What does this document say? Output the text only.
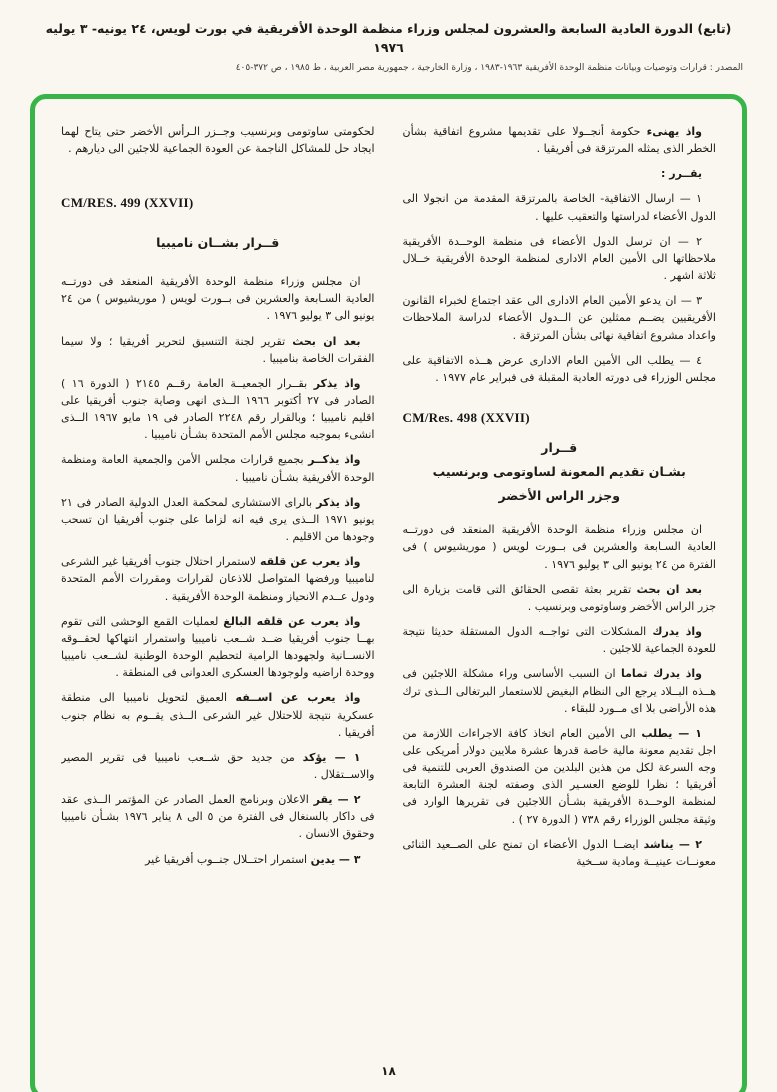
(تابع) الدورة العادية السابعة والعشرون لمجلس وزراء منظمة الوحدة الأفريقية في بورت لويس، ٢٤ يونيه- ٣ يوليه ١٩٧٦
المصدر : قرارات وتوصيات وبيانات منظمة الوحدة الأفريقية ١٩٦٣-١٩٨٣ ، وزارة الخارجية ، جمهورية مصر العربية ، ط ١٩٨٥ ، ص ٣٧٢-٤٠٥

واذ يهنىء حكومة أنجــولا على تقديمها مشروع اتفاقية بشأن الخطر الذى يمثله المرتزقة فى أفريقيا .

يقــرر :

١ — ارسال الاتفاقية- الخاصة بالمرتزقة المقدمة من انجولا الى الدول الأعضاء لدراستها والتعقيب عليها .

٢ — ان ترسل الدول الأعضاء فى منظمة الوحــدة الأفريقية ملاحظاتها الى الأمين العام الادارى لمنظمة الوحدة الأفريقية خــلال ثلاثة اشهر .

٣ — ان يدعو الأمين العام الادارى الى عقد اجتماع لخبراء القانون الأفريقيين يضــم ممثلين عن الــدول الأعضاء لدراسة الملاحظات واعداد مشروع اتفاقية نهائى بشأن المرتزقة .

٤ — يطلب الى الأمين العام الادارى عرض هــذه الاتفاقية على مجلس الوزراء فى دورته العادية المقبلة فى فبراير عام ١٩٧٧ .

CM/Res. 498 (XXVII)

قــرار
بشـان تقديم المعونة لساوتومى وبرنسيب
وجزر الراس الأخضر

ان مجلس وزراء منظمة الوحدة الأفريقية المنعقد فى دورتــه العادية السـابعة والعشرين فى بــورت لويس ( موريشيوس ) فى الفترة من ٢٤ يونيو الى ٣ يوليو ١٩٧٦ .

بعد ان بحث تقرير بعثة تقصى الحقائق التى قامت بزيارة الى جزر الراس الأخضر وساوتومى وبرنسيب .

واذ يدرك المشكلات التى تواجــه الدول المستقلة حديثا نتيجة للعودة الجماعية للاجئين .

واذ يدرك تماما ان السبب الأساسى وراء مشكلة اللاجئين فى هــذه البــلاد يرجع الى النظام البغيض للاستعمار البرتغالى الــذى ترك هذه الأراضى بلا اى مــورد للبقاء .

١ — يطلب الى الأمين العام اتخاذ كافة الاجراءات اللازمة من اجل تقديم معونة مالية خاصة قدرها عشرة ملايين دولار أمريكى على وجه السرعة لكل من هذين البلدين من الصندوق العربى للتنمية فى أفريقيا ؛ نظرا للوضع العسـير الذى وصفته لجنة العشرة التابعة لمنظمة الوحــدة الأفريقية بشـأن اللاجئين فى تقريرها الوارد فى وثيقة مجلس الوزراء رقم ٧٣٨ ( الدورة ٢٧ ) .

٢ — يناشد ايضــا الدول الأعضاء ان تمنح على الصــعيد الثنائى معونــات عينيــة ومادية ســخية

لحكومتى ساوتومى وبرنسيب وجــزر الـرأس الأخضر حتى يتاح لهما ايجاد حل للمشاكل الناجمة عن العودة الجماعية للاجئين الى ديارهم .

CM/RES. 499 (XXVII)

قــرار بشــان ناميبيا

ان مجلس وزراء منظمة الوحدة الأفريقية المنعقد فى دورتــه العادية السـابعة والعشرين فى بــورت لويس ( موريشيوس ) من ٢٤ يونيو الى ٣ يوليو ١٩٧٦ .

بعد ان بحث تقرير لجنة التنسيق لتحرير أفريقيا ؛ ولا سيما الفقرات الخاصة بناميبيا .

واذ يذكر بقــرار الجمعيــة العامة رقــم ٢١٤٥ ( الدورة ١٦ ) الصادر فى ٢٧ أكتوبر ١٩٦٦ الــذى انهى وصاية جنوب أفريقيا على اقليم ناميبيا ؛ وبالقرار رقم ٢٢٤٨ الصادر فى ١٩ مايو ١٩٦٧ الــذى انشىء بموجبه مجلس الأمم المتحدة بشـأن ناميبيا .

واذ يذكــر بجميع قرارات مجلس الأمن والجمعية العامة ومنظمة الوحدة الأفريقية بشـأن ناميبيا .

واذ يذكر بالراى الاستشارى لمحكمة العدل الدولية الصادر فى ٢١ يونيو ١٩٧١ الــذى يرى فيه انه لزاما على جنوب أفريقيا ان تسحب وجودها من الاقليم .

واذ يعرب عن قلقه لاستمرار احتلال جنوب أفريقيا غير الشرعى لناميبيا ورفضها المتواصل للاذعان لقرارات ومقررات الأمم المتحدة ودول عــدم الانحياز ومنظمة الوحدة الأفريقية .

واذ يعرب عن قلقه البالغ لعمليات القمع الوحشى التى تقوم بهــا جنوب أفريقيا ضــد شــعب ناميبيا واستمرار انتهاكها لحقــوقه الانســانية ولجهودها الرامية لتحطيم الوحدة الوطنية لشــعب ناميبيا ووحدة اراضيه ولوجودها العسكرى العدوانى فى المنطقة .

واذ يعرب عن اســفه العميق لتحويل ناميبيا الى منطقة عسكرية نتيجة للاحتلال غير الشرعى الــذى يقــوم به نظام جنوب أفريقيا .

١ — يؤكد من جديد حق شــعب ناميبيا فى تقرير المصير والاســتقلال .

٢ — يقر الاعلان وبرنامج العمل الصادر عن المؤتمر الــذى عقد فى داكار بالسنغال فى الفترة من ٥ الى ٨ يناير ١٩٧٦ بشـأن ناميبيا وحقوق الانسان .

٣ — يدين استمرار احتــلال جنــوب أفريقيا غير

١٨
